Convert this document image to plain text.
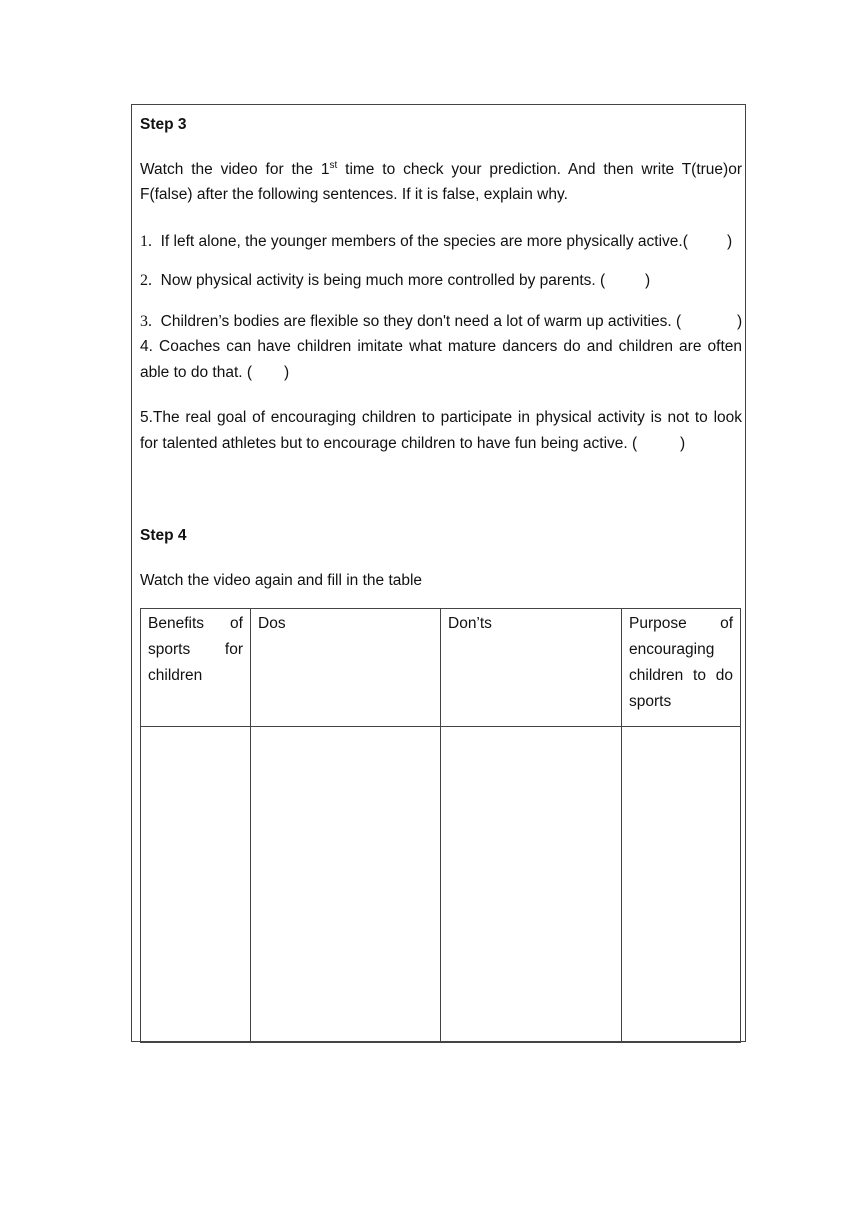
Step 3
Watch the video for the 1st time to check your prediction. And then write T(true)or
F(false) after the following sentences. If it is false, explain why.
1. If left alone, the younger members of the species are more physically active.(	)
2. Now physical activity is being much more controlled by parents. (	)
3. Children’s bodies are flexible so they don't need a lot of warm up activities. (	)
4. Coaches can have children imitate what mature dancers do and children are often
able to do that. ( )
5.The real goal of encouraging children to participate in physical activity is not to look
for talented athletes but to encourage children to have fun being active. (	)
Step 4
Watch the video again and fill in the table
Benefits of
sports for
children	Dos	Don’ts	Purpose of
encouraging
children to do
sports
